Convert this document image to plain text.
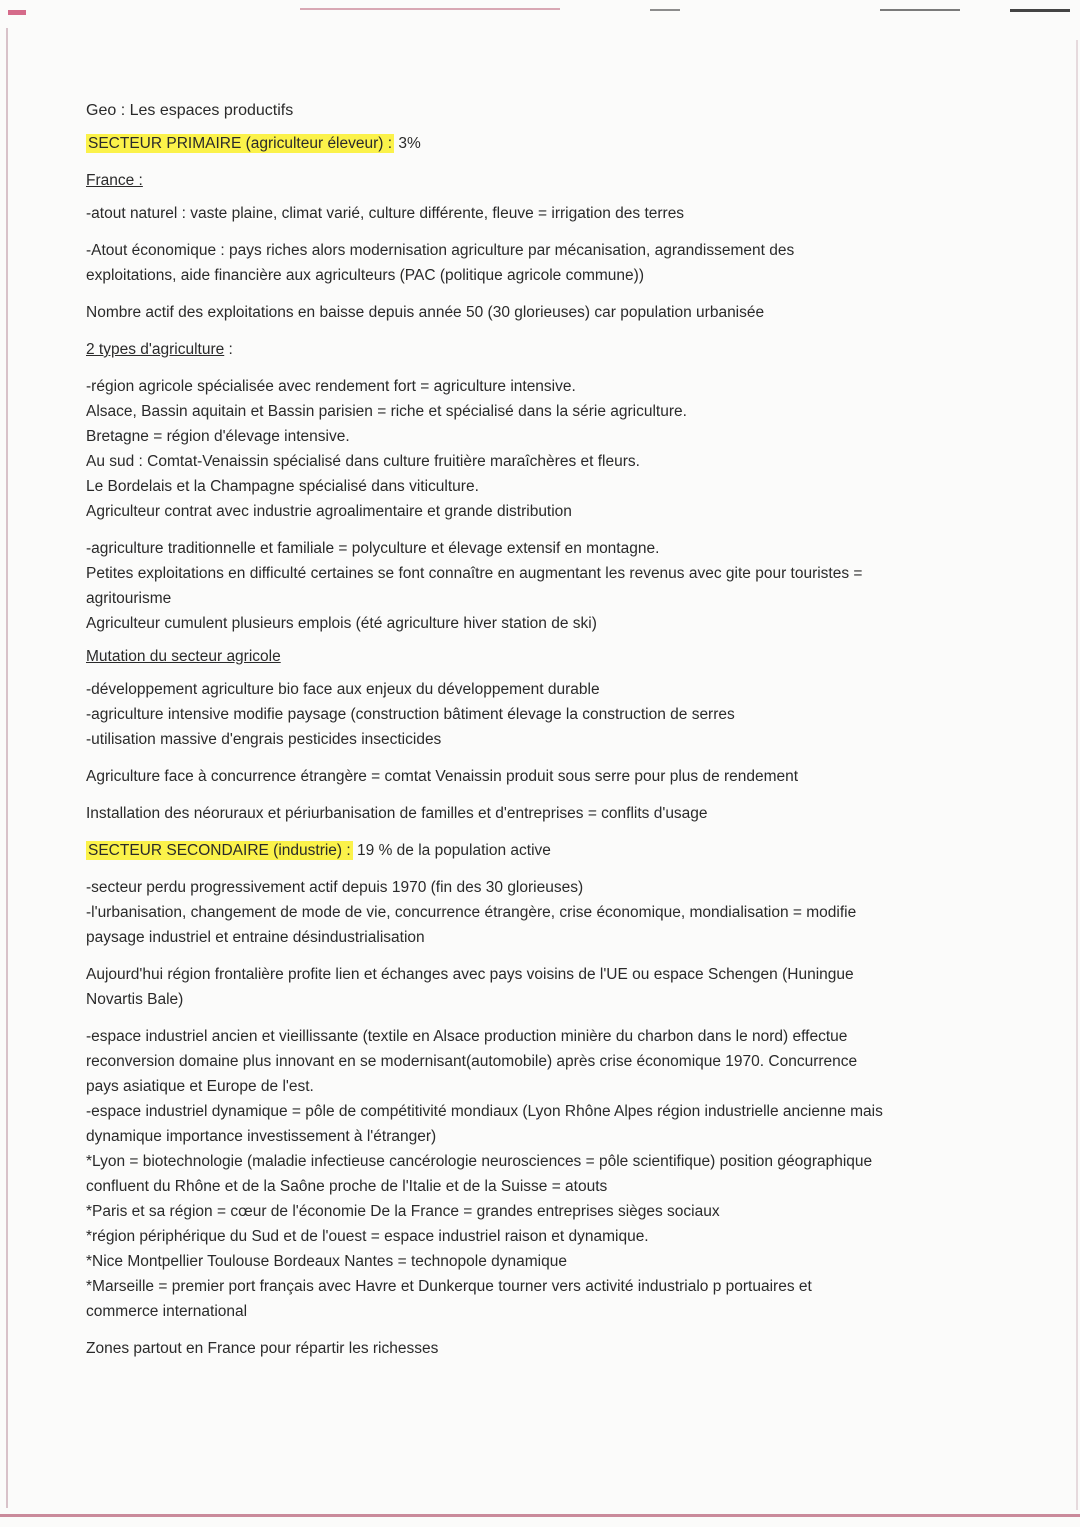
Geo : Les espaces productifs

SECTEUR PRIMAIRE (agriculteur éleveur) : 3%

France :

-atout naturel : vaste plaine, climat varié, culture différente, fleuve = irrigation des terres

-Atout économique : pays riches alors modernisation agriculture par mécanisation, agrandissement des

exploitations, aide financière aux agriculteurs (PAC (politique agricole commune))

Nombre actif des exploitations en baisse depuis année 50 (30 glorieuses) car population urbanisée

2 types d'agriculture :

-région agricole spécialisée avec rendement fort = agriculture intensive.

Alsace, Bassin aquitain et Bassin parisien = riche et spécialisé dans la série agriculture.

Bretagne = région d'élevage intensive.

Au sud : Comtat-Venaissin spécialisé dans culture fruitière maraîchères et fleurs.

Le Bordelais et la Champagne spécialisé dans viticulture.

Agriculteur contrat avec industrie agroalimentaire et grande distribution

-agriculture traditionnelle et familiale = polyculture et élevage extensif en montagne.

Petites exploitations en difficulté certaines se font connaître en augmentant les revenus avec gite pour touristes =

agritourisme

Agriculteur cumulent plusieurs emplois (été agriculture hiver station de ski)

Mutation du secteur agricole

-développement agriculture bio face aux enjeux du développement durable

-agriculture intensive modifie paysage (construction bâtiment élevage la construction de serres

-utilisation massive d'engrais pesticides insecticides

Agriculture face à concurrence étrangère = comtat Venaissin produit sous serre pour plus de rendement

Installation des néoruraux et périurbanisation de familles et d'entreprises = conflits d'usage

SECTEUR SECONDAIRE (industrie) : 19 % de la population active

-secteur perdu progressivement actif depuis 1970 (fin des 30 glorieuses)

-l'urbanisation, changement de mode de vie, concurrence étrangère, crise économique, mondialisation = modifie

paysage industriel et entraine désindustrialisation

Aujourd'hui région frontalière profite lien et échanges avec pays voisins de l'UE ou espace Schengen (Huningue

Novartis Bale)

-espace industriel ancien et vieillissante (textile en Alsace production minière du charbon dans le nord) effectue

reconversion domaine plus innovant en se modernisant(automobile) après crise économique 1970. Concurrence

pays asiatique et Europe de l'est.

-espace industriel dynamique = pôle de compétitivité mondiaux (Lyon Rhône Alpes région industrielle ancienne mais

dynamique importance investissement à l'étranger)

*Lyon = biotechnologie (maladie infectieuse cancérologie neurosciences = pôle scientifique) position géographique

confluent du Rhône et de la Saône proche de l'Italie et de la Suisse = atouts

*Paris et sa région = cœur de l'économie De la France = grandes entreprises sièges sociaux

*région périphérique du Sud et de l'ouest = espace industriel raison et dynamique.

*Nice Montpellier Toulouse Bordeaux Nantes = technopole dynamique

*Marseille = premier port français avec Havre et Dunkerque tourner vers activité industrialo p portuaires et

commerce international

Zones partout en France pour répartir les richesses
